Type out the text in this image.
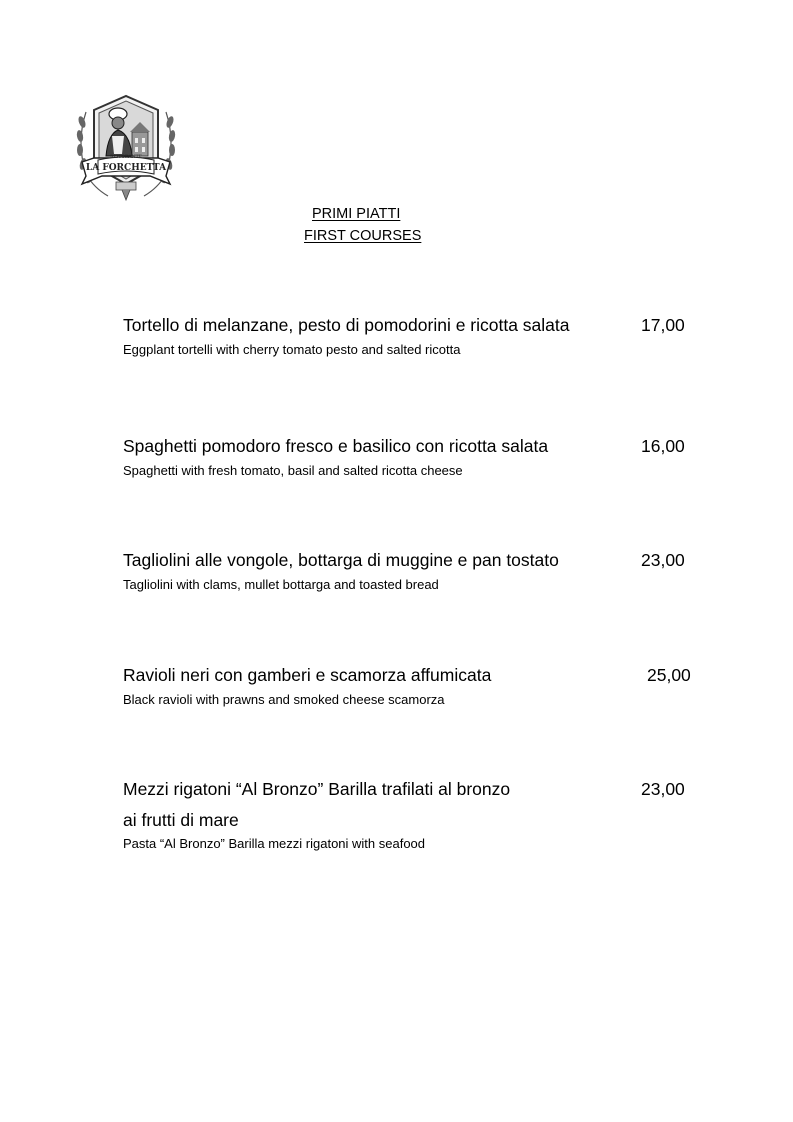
RISTORANTE
LA FORCHETTA
PRIMI PIATTI
FIRST COURSES
Tortello di melanzane, pesto di pomodorini e ricotta salata	17,00
Eggplant tortelli with cherry tomato pesto and salted ricotta
Spaghetti pomodoro fresco e basilico con ricotta salata	16,00
Spaghetti with fresh tomato, basil and salted ricotta cheese
Tagliolini alle vongole, bottarga di muggine e pan tostato	23,00
Tagliolini with clams, mullet bottarga and toasted bread
Ravioli neri con gamberi e scamorza affumicata	25,00
Black ravioli with prawns and smoked cheese scamorza
Mezzi rigatoni “Al Bronzo” Barilla trafilati al bronzo	23,00
ai frutti di mare
Pasta “Al Bronzo” Barilla mezzi rigatoni with seafood
